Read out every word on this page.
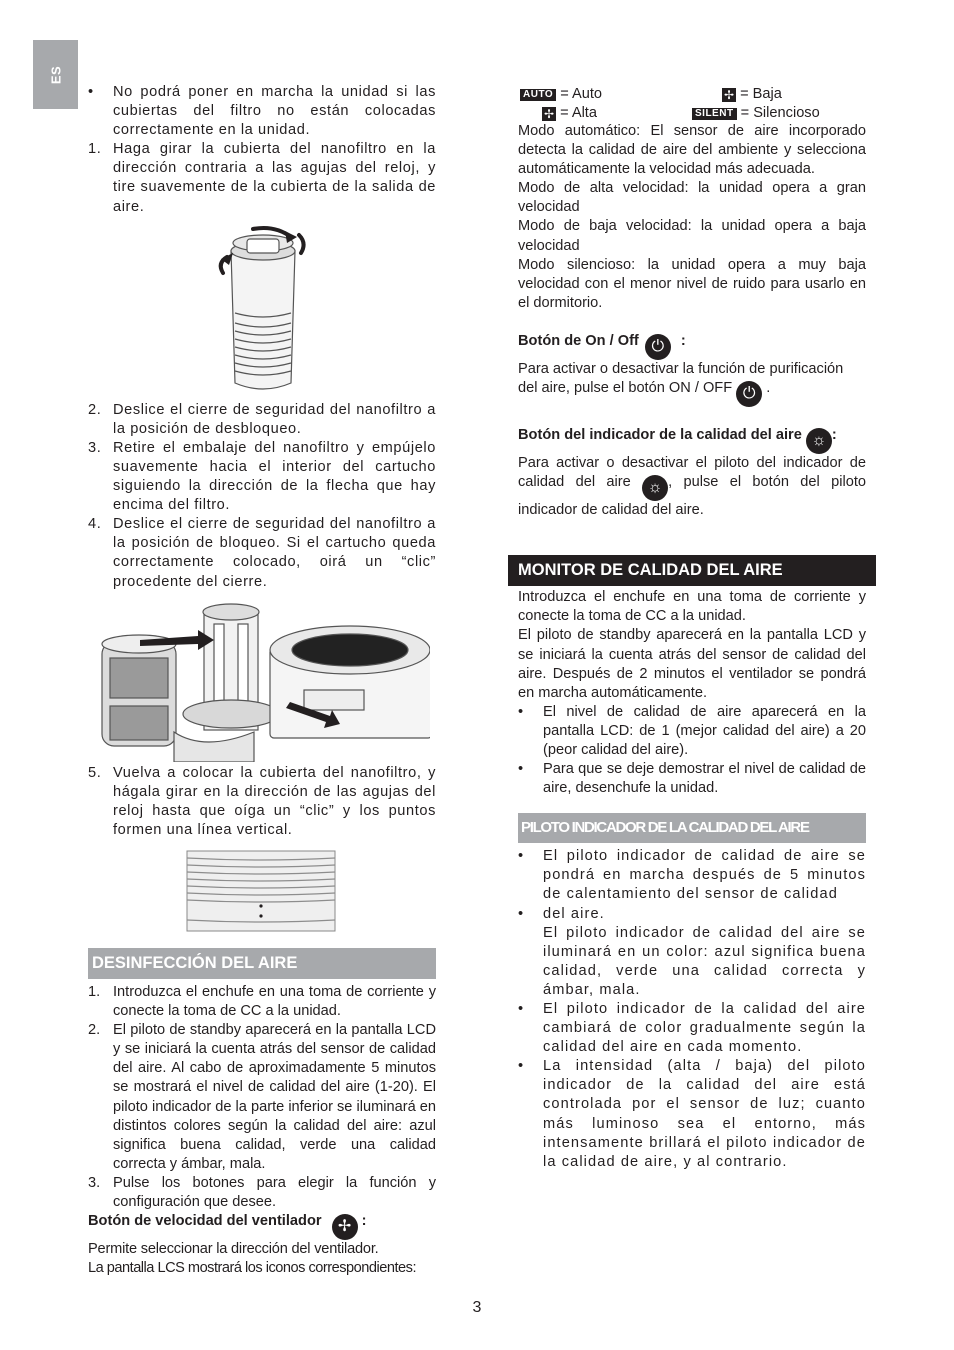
ES
• No podrá poner en marcha la unidad si las cubiertas del filtro no están colocadas correctamente en la unidad.
1. Haga girar la cubierta del nanofiltro en la dirección contraria a las agujas del reloj, y tire suavemente de la cubierta de la salida de aire.
2. Deslice el cierre de seguridad del nanofiltro a la posición de desbloqueo.
3. Retire el embalaje del nanofiltro y empújelo suavemente hacia el interior del cartucho siguiendo la dirección de la flecha que hay encima del filtro.
4. Deslice el cierre de seguridad del nanofiltro a la posición de bloqueo. Si el cartucho queda correctamente colocado, oirá un “clic” procedente del cierre.
5. Vuelva a colocar la cubierta del nanofiltro, y hágala girar en la dirección de las agujas del reloj hasta que oíga un “clic” y los puntos formen una línea vertical.
DESINFECCIÓN DEL AIRE
1. Introduzca el enchufe en una toma de corriente y conecte la toma de CC a la unidad.
2. El piloto de standby aparecerá en la pantalla LCD y se iniciará la cuenta atrás del sensor de calidad del aire. Al cabo de aproximadamente 5 minutos se mostrará el nivel de calidad del aire (1-20). El piloto indicador de la parte inferior se iluminará en distintos colores según la calidad del aire: azul significa buena calidad, verde una calidad correcta y ámbar, mala.
3. Pulse los botones para elegir la función y configuración que desee.

Botón de velocidad del ventilador ✢ :

Permite seleccionar la dirección del ventilador.

La pantalla LCS mostrará los iconos correspondientes:

AUTO = Auto	✢ = Baja
✢ = Alta	SILENT = Silencioso

Modo automático: El sensor de aire incorporado detecta la calidad de aire del ambiente y selecciona automáticamente la velocidad más adecuada.

Modo de alta velocidad: la unidad opera a gran velocidad

Modo de baja velocidad: la unidad opera a baja velocidad

Modo silencioso: la unidad opera a muy baja velocidad con el menor nivel de ruido para usarlo en el dormitorio.

Botón de On / Off ⏻ :

Para activar o desactivar la función de purificación del aire, pulse el botón ON / OFF ⏻ .

Botón del indicador de la calidad del aire ☼ :

Para activar o desactivar el piloto del indicador de calidad del aire ☼ , pulse el botón del piloto indicador de calidad del aire.

MONITOR DE CALIDAD DEL AIRE

Introduzca el enchufe en una toma de corriente y conecte la toma de CC a la unidad.

El piloto de standby aparecerá en la pantalla LCD y se iniciará la cuenta atrás del sensor de calidad del aire. Después de 2 minutos el ventilador se pondrá en marcha automáticamente.

• El nivel de calidad de aire aparecerá en la pantalla LCD: de 1 (mejor calidad del aire) a 20 (peor calidad del aire).
• Para que se deje demostrar el nivel de calidad de aire, desenchufe la unidad.
PILOTO INDICADOR DE LA CALIDAD DEL AIRE
• El piloto indicador de calidad de aire se pondrá en marcha después de 5 minutos de calentamiento del sensor de calidad
• del aire.
El piloto indicador de calidad del aire se iluminará en un color: azul significa buena calidad, verde una calidad correcta y ámbar, mala.
• El piloto indicador de la calidad del aire cambiará de color gradualmente según la calidad del aire en cada momento.
• La intensidad (alta / baja) del piloto indicador de la calidad del aire está controlada por el sensor de luz; cuanto más luminoso sea el entorno, más intensamente brillará el piloto indicador de la calidad de aire, y al contrario.
3
